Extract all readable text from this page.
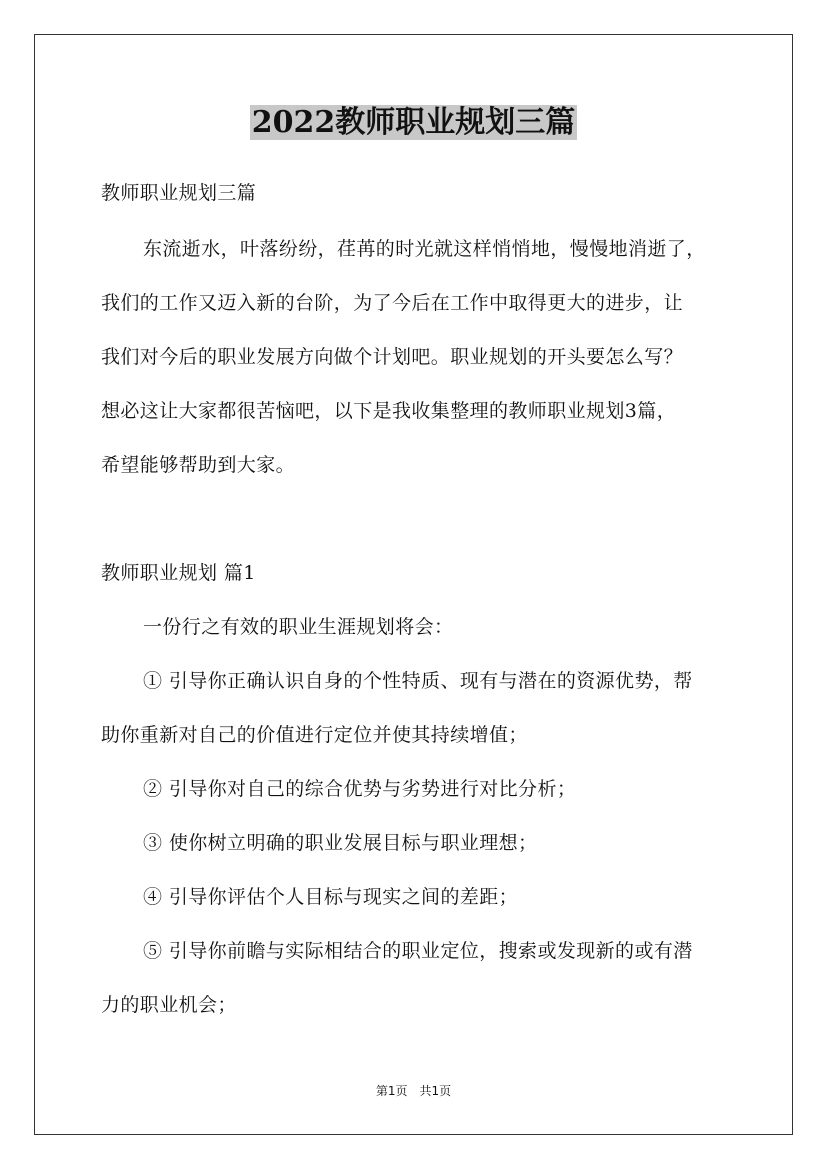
2022教师职业规划三篇
教师职业规划三篇
东流逝水，叶落纷纷，荏苒的时光就这样悄悄地，慢慢地消逝了，
我们的工作又迈入新的台阶，为了今后在工作中取得更大的进步，让
我们对今后的职业发展方向做个计划吧。职业规划的开头要怎么写？
想必这让大家都很苦恼吧，以下是我收集整理的教师职业规划3篇，
希望能够帮助到大家。
教师职业规划 篇1
一份行之有效的职业生涯规划将会：
① 引导你正确认识自身的个性特质、现有与潜在的资源优势，帮
助你重新对自己的价值进行定位并使其持续增值；
② 引导你对自己的综合优势与劣势进行对比分析；
③ 使你树立明确的职业发展目标与职业理想；
④ 引导你评估个人目标与现实之间的差距；
⑤ 引导你前瞻与实际相结合的职业定位，搜索或发现新的或有潜
力的职业机会；
第1页　共1页
